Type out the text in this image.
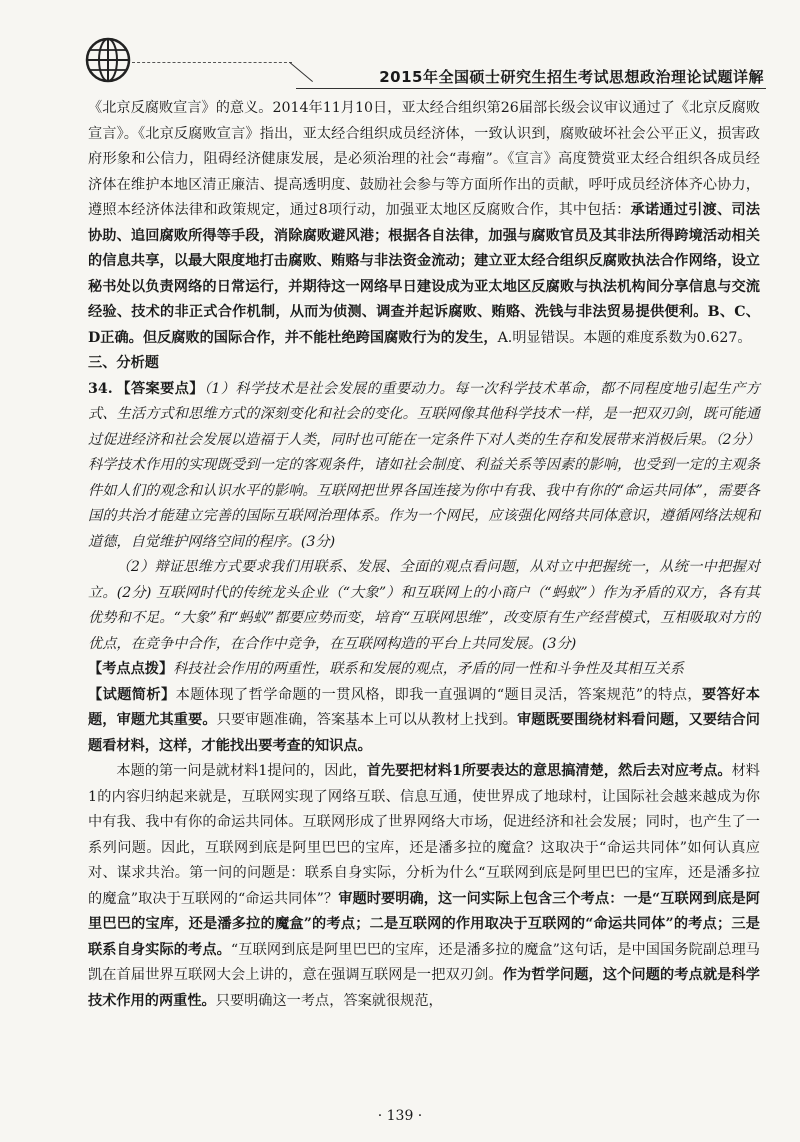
2015年全国硕士研究生招生考试思想政治理论试题详解

《北京反腐败宣言》的意义。2014年11月10日，亚太经合组织第26届部长级会议审议通过了《北京反腐败宣言》。《北京反腐败宣言》指出，亚太经合组织成员经济体，一致认识到，腐败破坏社会公平正义，损害政府形象和公信力，阻碍经济健康发展，是必须治理的社会“毒瘤”。《宣言》高度赞赏亚太经合组织各成员经济体在维护本地区清正廉洁、提高透明度、鼓励社会参与等方面所作出的贡献，呼吁成员经济体齐心协力，遵照本经济体法律和政策规定，通过8项行动，加强亚太地区反腐败合作，其中包括：承诺通过引渡、司法协助、追回腐败所得等手段，消除腐败避风港；根据各自法律，加强与腐败官员及其非法所得跨境活动相关的信息共享，以最大限度地打击腐败、贿赂与非法资金流动；建立亚太经合组织反腐败执法合作网络，设立秘书处以负责网络的日常运行，并期待这一网络早日建设成为亚太地区反腐败与执法机构间分享信息与交流经验、技术的非正式合作机制，从而为侦测、调查并起诉腐败、贿赂、洗钱与非法贸易提供便利。B、C、D正确。但反腐败的国际合作，并不能杜绝跨国腐败行为的发生，A.明显错误。本题的难度系数为0.627。

三、分析题

34. 【答案要点】（1）科学技术是社会发展的重要动力。每一次科学技术革命，都不同程度地引起生产方式、生活方式和思维方式的深刻变化和社会的变化。互联网像其他科学技术一样，是一把双刃剑，既可能通过促进经济和社会发展以造福于人类，同时也可能在一定条件下对人类的生存和发展带来消极后果。（2分）科学技术作用的实现既受到一定的客观条件，诸如社会制度、利益关系等因素的影响，也受到一定的主观条件如人们的观念和认识水平的影响。互联网把世界各国连接为你中有我、我中有你的“命运共同体”，需要各国的共治才能建立完善的国际互联网治理体系。作为一个网民，应该强化网络共同体意识，遵循网络法规和道德，自觉维护网络空间的程序。(3分)

（2）辩证思维方式要求我们用联系、发展、全面的观点看问题，从对立中把握统一，从统一中把握对立。(2分) 互联网时代的传统龙头企业（“大象”）和互联网上的小商户（“蚂蚁”）作为矛盾的双方，各有其优势和不足。“大象”和“蚂蚁”都要应势而变，培育“互联网思维”，改变原有生产经营模式，互相吸取对方的优点，在竞争中合作，在合作中竞争，在互联网构造的平台上共同发展。(3分)

【考点点拨】科技社会作用的两重性，联系和发展的观点，矛盾的同一性和斗争性及其相互关系

【试题简析】本题体现了哲学命题的一贯风格，即我一直强调的“题目灵活，答案规范”的特点，要答好本题，审题尤其重要。只要审题准确，答案基本上可以从教材上找到。审题既要围绕材料看问题，又要结合问题看材料，这样，才能找出要考查的知识点。

本题的第一问是就材料1提问的，因此，首先要把材料1所要表达的意思搞清楚，然后去对应考点。材料1的内容归纳起来就是，互联网实现了网络互联、信息互通，使世界成了地球村，让国际社会越来越成为你中有我、我中有你的命运共同体。互联网形成了世界网络大市场，促进经济和社会发展；同时，也产生了一系列问题。因此，互联网到底是阿里巴巴的宝库，还是潘多拉的魔盒？这取决于“命运共同体”如何认真应对、谋求共治。第一问的问题是：联系自身实际，分析为什么“互联网到底是阿里巴巴的宝库，还是潘多拉的魔盒”取决于互联网的“命运共同体”？审题时要明确，这一问实际上包含三个考点：一是“互联网到底是阿里巴巴的宝库，还是潘多拉的魔盒”的考点；二是互联网的作用取决于互联网的“命运共同体”的考点；三是联系自身实际的考点。“互联网到底是阿里巴巴的宝库，还是潘多拉的魔盒”这句话，是中国国务院副总理马凯在首届世界互联网大会上讲的，意在强调互联网是一把双刃剑。作为哲学问题，这个问题的考点就是科学技术作用的两重性。只要明确这一考点，答案就很规范，

· 139 ·
